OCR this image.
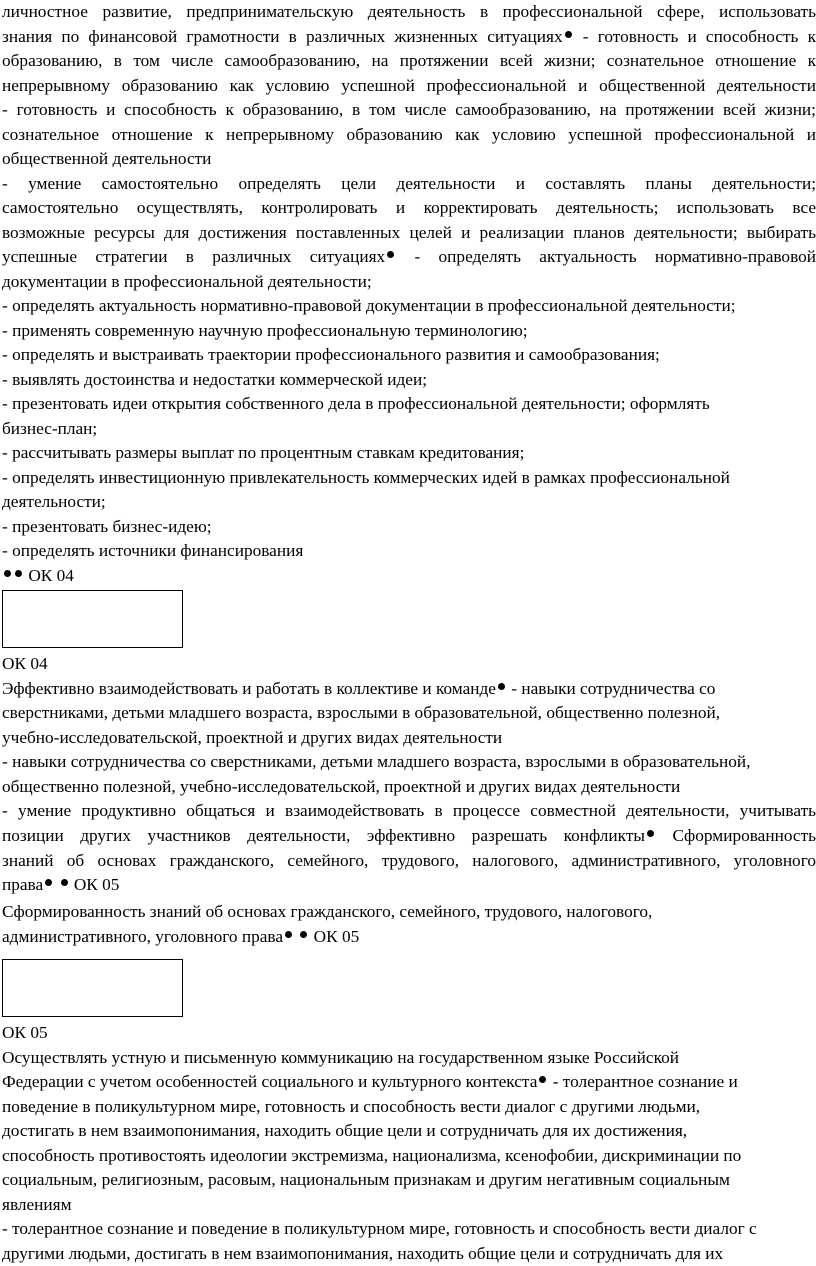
личностное развитие, предпринимательскую деятельность в профессиональной сфере, использовать
знания по финансовой грамотности в различных жизненных ситуациях - готовность и способность к
образованию, в том числе самообразованию, на протяжении всей жизни; сознательное отношение к
непрерывному образованию как условию успешной профессиональной и общественной деятельности
- готовность и способность к образованию, в том числе самообразованию, на протяжении всей жизни;
сознательное отношение к непрерывному образованию как условию успешной профессиональной и
общественной деятельности
- умение самостоятельно определять цели деятельности и составлять планы деятельности;
самостоятельно осуществлять, контролировать и корректировать деятельность; использовать все
возможные ресурсы для достижения поставленных целей и реализации планов деятельности; выбирать
успешные стратегии в различных ситуациях - определять актуальность нормативно-правовой
документации в профессиональной деятельности;
- определять актуальность нормативно-правовой документации в профессиональной деятельности;
- применять современную научную профессиональную терминологию;
- определять и выстраивать траектории профессионального развития и самообразования;
- выявлять достоинства и недостатки коммерческой идеи;
- презентовать идеи открытия собственного дела в профессиональной деятельности; оформлять
бизнес-план;
- рассчитывать размеры выплат по процентным ставкам кредитования;
- определять инвестиционную привлекательность коммерческих идей в рамках профессиональной
деятельности;
- презентовать бизнес-идею;
- определять источники финансирования
ОК 04
ОК 04
Эффективно взаимодействовать и работать в коллективе и команде - навыки сотрудничества со
сверстниками, детьми младшего возраста, взрослыми в образовательной, общественно полезной,
учебно-исследовательской, проектной и других видах деятельности
- навыки сотрудничества со сверстниками, детьми младшего возраста, взрослыми в образовательной,
общественно полезной, учебно-исследовательской, проектной и других видах деятельности
- умение продуктивно общаться и взаимодействовать в процессе совместной деятельности, учитывать
позиции других участников деятельности, эффективно разрешать конфликты Сформированность
знаний об основах гражданского, семейного, трудового, налогового, административного, уголовного
права  ОК 05
Сформированность знаний об основах гражданского, семейного, трудового, налогового,
административного, уголовного права  ОК 05
ОК 05
Осуществлять устную и письменную коммуникацию на государственном языке Российской
Федерации с учетом особенностей социального и культурного контекста - толерантное сознание и
поведение в поликультурном мире, готовность и способность вести диалог с другими людьми,
достигать в нем взаимопонимания, находить общие цели и сотрудничать для их достижения,
способность противостоять идеологии экстремизма, национализма, ксенофобии, дискриминации по
социальным, религиозным, расовым, национальным признакам и другим негативным социальным
явлениям
- толерантное сознание и поведение в поликультурном мире, готовность и способность вести диалог с
другими людьми, достигать в нем взаимопонимания, находить общие цели и сотрудничать для их
